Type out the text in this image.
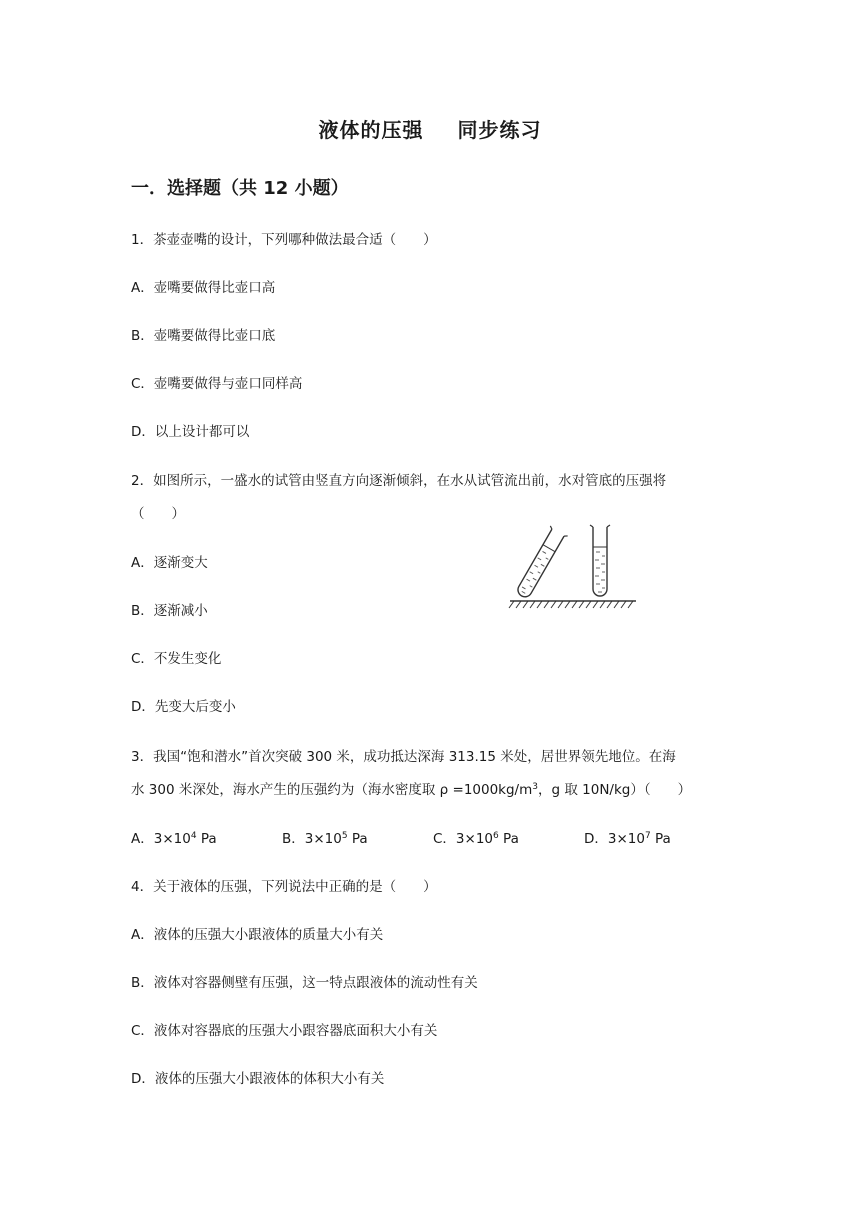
液体的压强 同步练习
一．选择题（共 12 小题）
1．茶壶壶嘴的设计，下列哪种做法最合适（　　）
A．壶嘴要做得比壶口高
B．壶嘴要做得比壶口底
C．壶嘴要做得与壶口同样高
D．以上设计都可以
2．如图所示，一盛水的试管由竖直方向逐渐倾斜，在水从试管流出前，水对管底的压强将
（　　）
A．逐渐变大
B．逐渐减小
C．不发生变化
D．先变大后变小
3．我国“饱和潜水”首次突破 300 米，成功抵达深海 313.15 米处，居世界领先地位。在海
水 300 米深处，海水产生的压强约为（海水密度取 $\rho =1000kg/m^3$，g 取 10N/kg）（　　）
A．$3\times 10^4$ Pa	B．$3\times 10^5$ Pa	C．$3\times 10^6$ Pa	D．$3\times 10^7$ Pa
4．关于液体的压强，下列说法中正确的是（　　）
A．液体的压强大小跟液体的质量大小有关
B．液体对容器侧壁有压强，这一特点跟液体的流动性有关
C．液体对容器底的压强大小跟容器底面积大小有关
D．液体的压强大小跟液体的体积大小有关
